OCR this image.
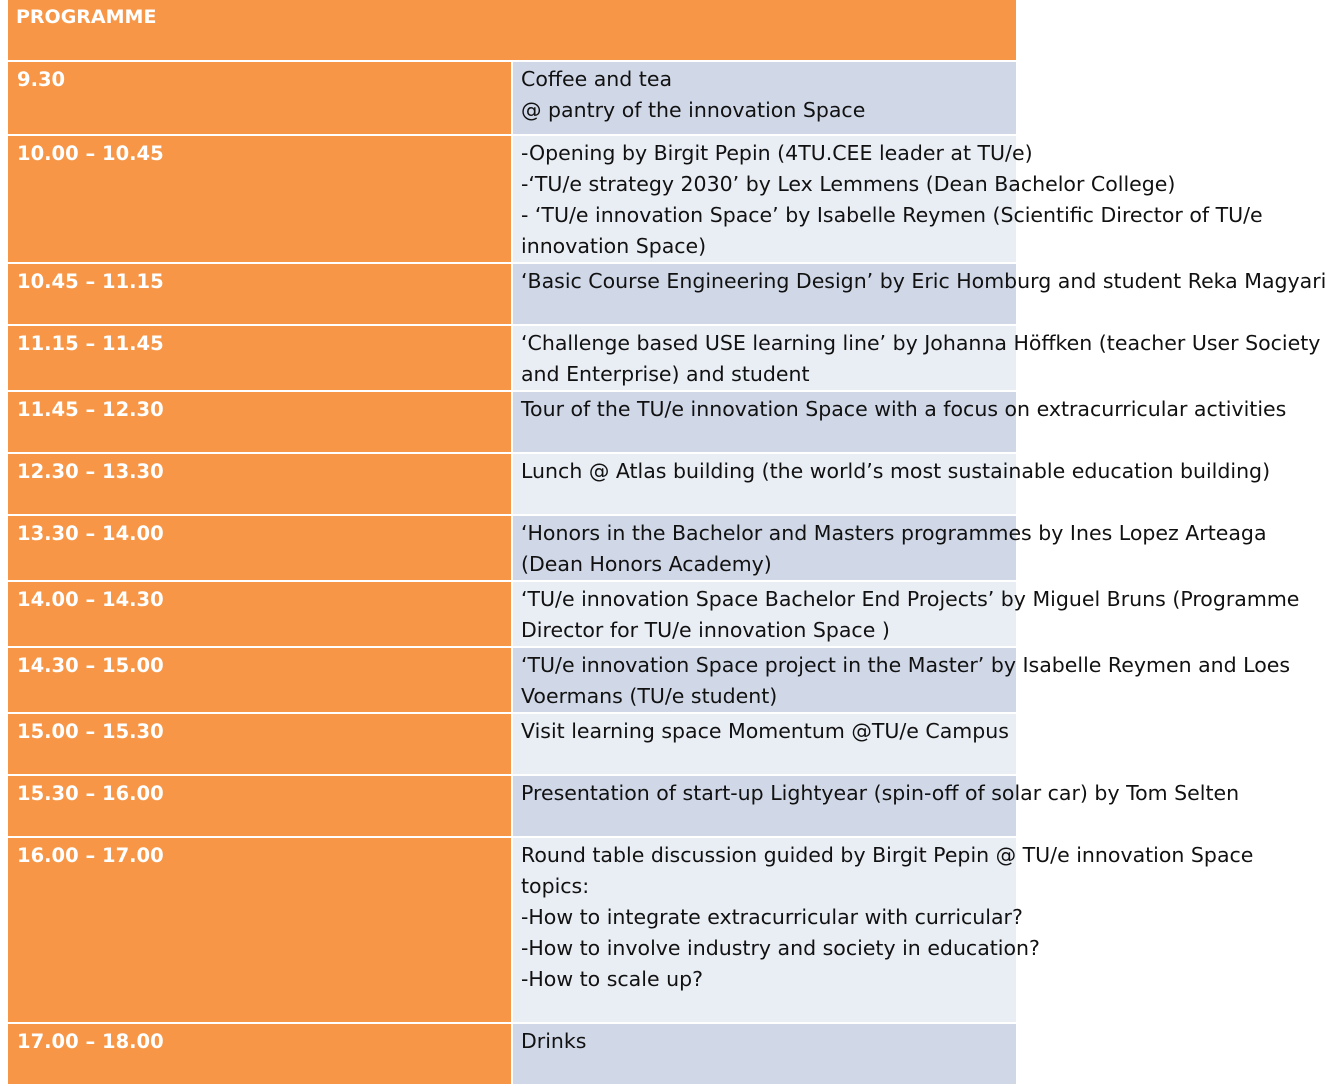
PROGRAMME	
9.30	Coffee and tea
@ pantry of the innovation Space

10.00 – 10.45	-Opening by Birgit Pepin (4TU.CEE leader at TU/e)
-‘TU/e strategy 2030’ by Lex Lemmens (Dean Bachelor College)
- ‘TU/e innovation Space’ by Isabelle Reymen (Scientific Director of TU/e
innovation Space)

10.45 – 11.15	‘Basic Course Engineering Design’ by Eric Homburg and student Reka Magyari

11.15 – 11.45	‘Challenge based USE learning line’ by Johanna Höffken (teacher User Society
and Enterprise) and student

11.45 – 12.30	Tour of the TU/e innovation Space with a focus on extracurricular activities

12.30 – 13.30	Lunch @ Atlas building (the world’s most sustainable education building)

13.30 – 14.00	‘Honors in the Bachelor and Masters programmes by Ines Lopez Arteaga
(Dean Honors Academy)

14.00 – 14.30	‘TU/e innovation Space Bachelor End Projects’ by Miguel Bruns (Programme
Director for TU/e innovation Space )

14.30 – 15.00	‘TU/e innovation Space project in the Master’ by Isabelle Reymen and Loes
Voermans (TU/e student)

15.00 – 15.30	Visit learning space Momentum @TU/e Campus

15.30 – 16.00	Presentation of start-up Lightyear (spin-off of solar car) by Tom Selten

16.00 – 17.00	Round table discussion guided by Birgit Pepin @ TU/e innovation Space
topics:
-How to integrate extracurricular with curricular?
-How to involve industry and society in education?
-How to scale up?

17.00 – 18.00	Drinks
